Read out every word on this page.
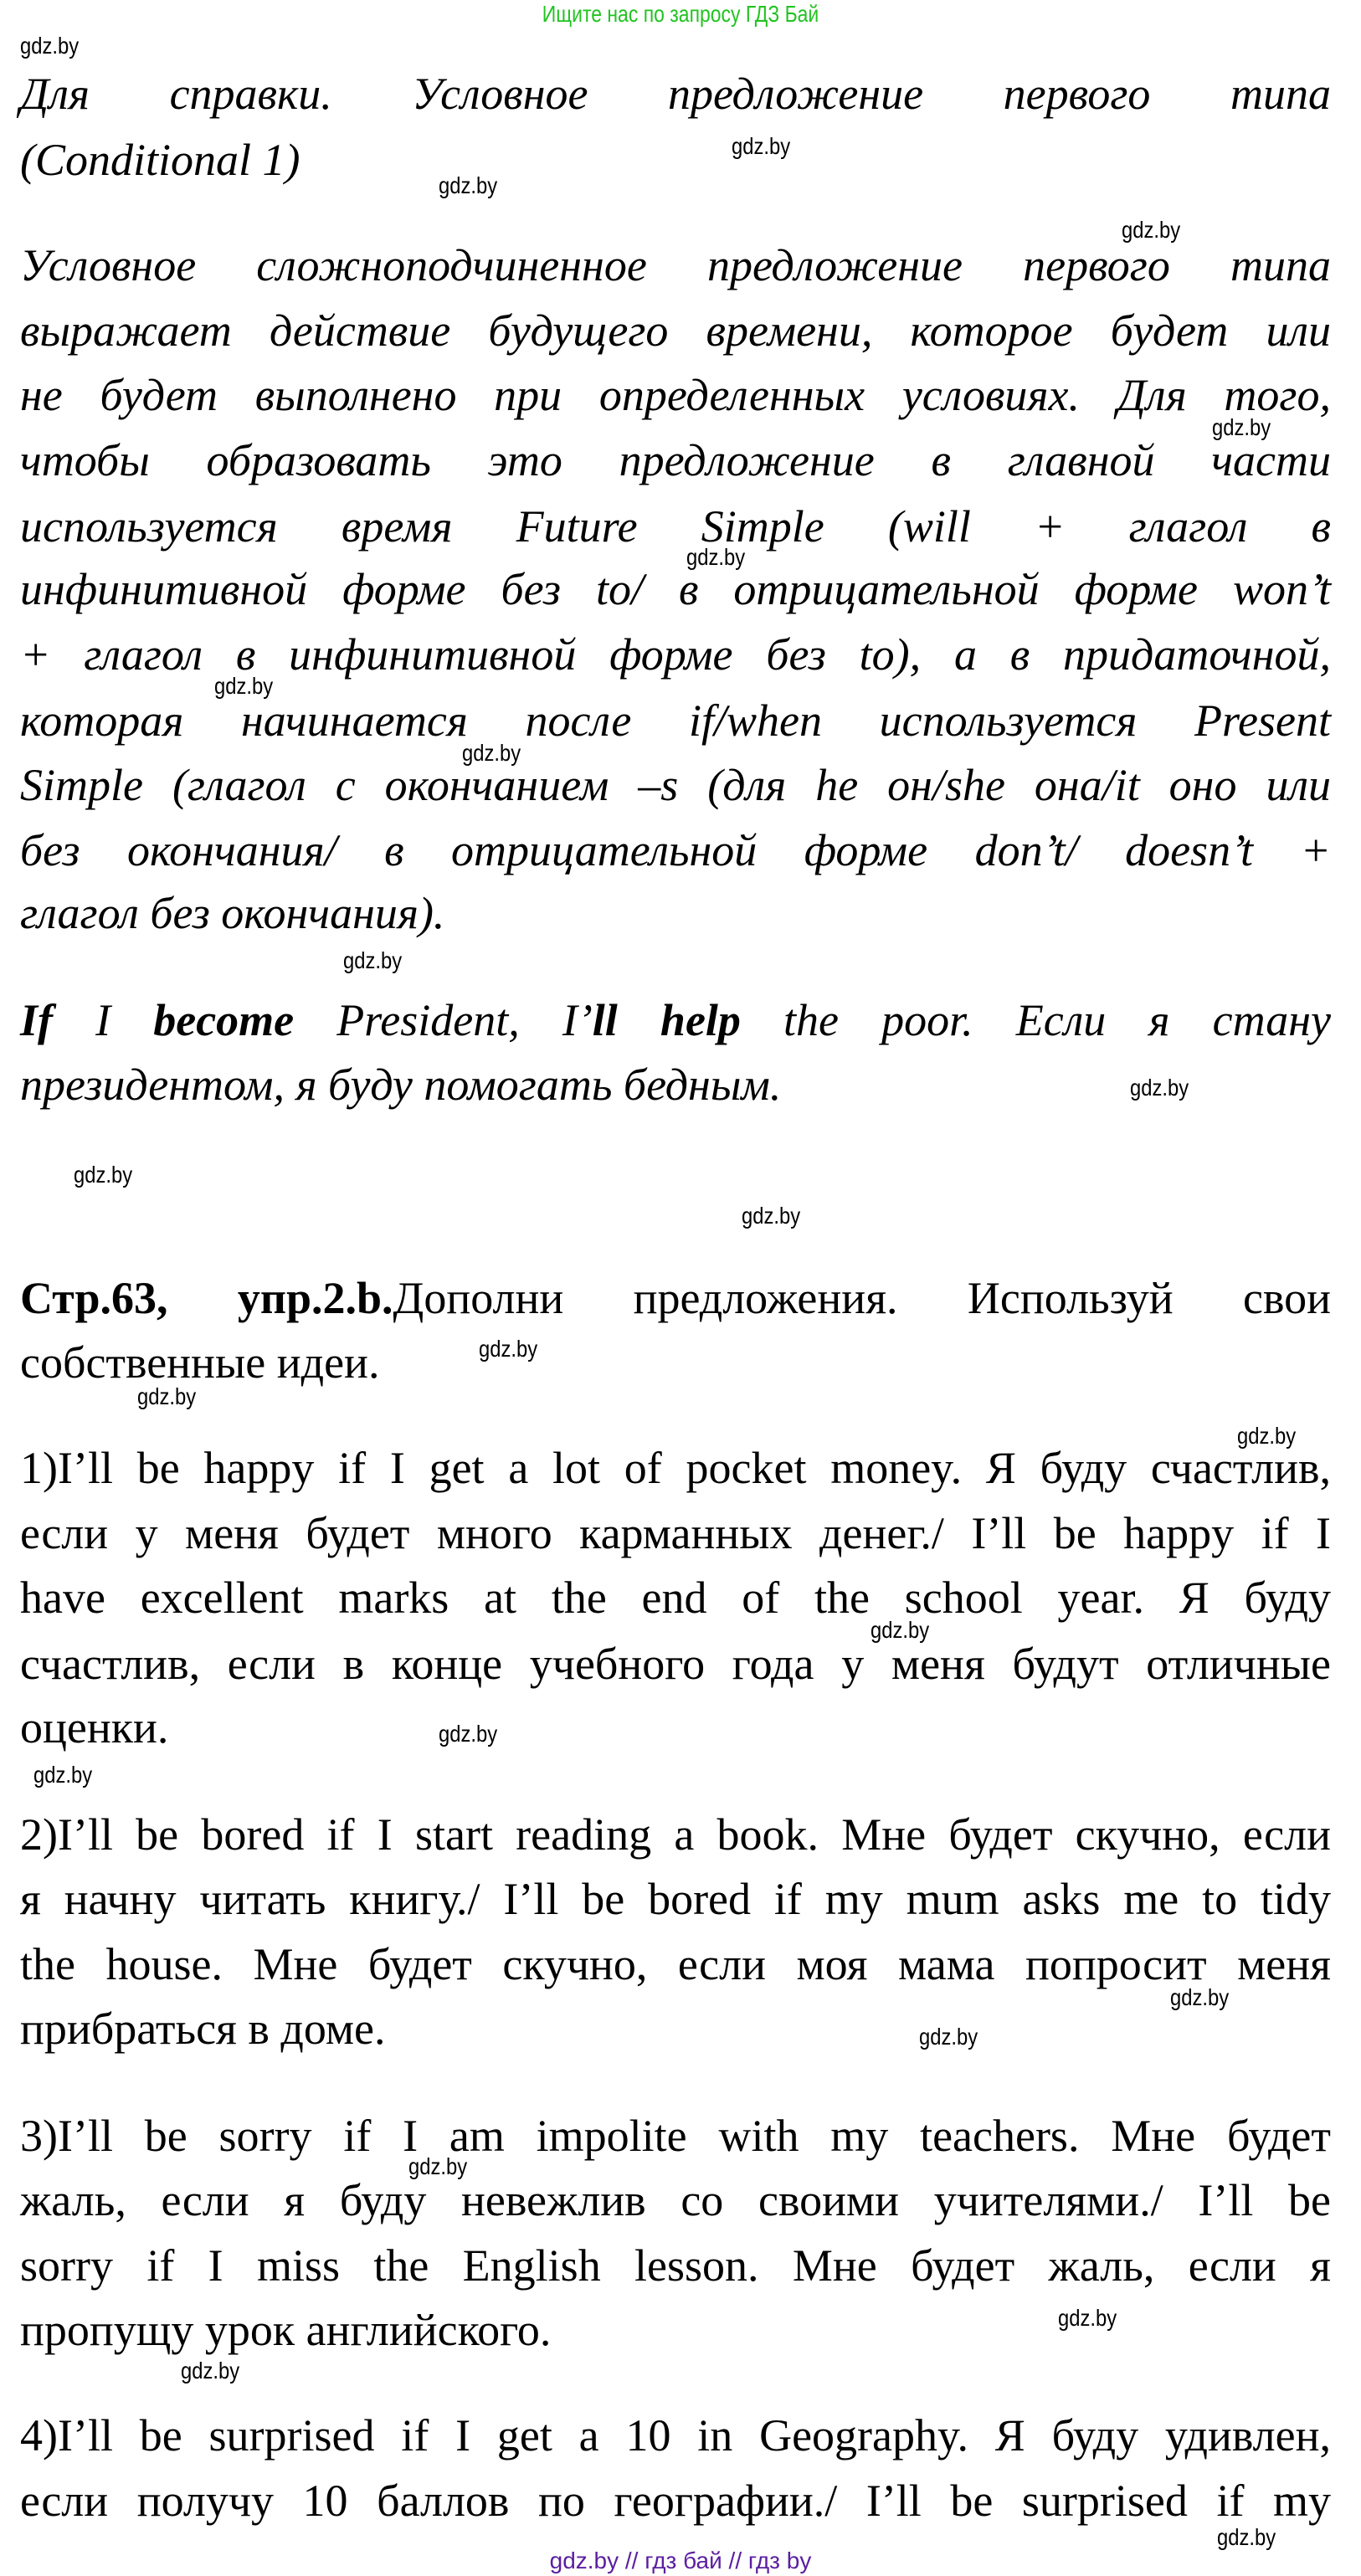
Ищите нас по запросу ГДЗ Бай
Для справки. Условное предложение первого типа
(Conditional 1)
Условное сложноподчиненное предложение первого типа
выражает действие будущего времени, которое будет или
не будет выполнено при определенных условиях. Для того,
чтобы образовать это предложение в главной части
используется время Future Simple (will + глагол в
инфинитивной форме без to/ в отрицательной форме won’t
+ глагол в инфинитивной форме без to), а в придаточной,
которая начинается после if/when используется Present
Simple (глагол с окончанием –s (для he он/she она/it оно или
без окончания/ в отрицательной форме don’t/ doesn’t +
глагол без окончания).
If I become President, I’ll help the poor. Если я стану
президентом, я буду помогать бедным.
Стр.63, упр.2.b.Дополни предложения. Используй свои
собственные идеи.
1)I’ll be happy if I get a lot of pocket money. Я буду счастлив,
если у меня будет много карманных денег./ I’ll be happy if I
have excellent marks at the end of the school year. Я буду
счастлив, если в конце учебного года у меня будут отличные
оценки.
2)I’ll be bored if I start reading a book. Мне будет скучно, если
я начну читать книгу./ I’ll be bored if my mum asks me to tidy
the house. Мне будет скучно, если моя мама попросит меня
прибраться в доме.
3)I’ll be sorry if I am impolite with my teachers. Мне будет
жаль, если я буду невежлив со своими учителями./ I’ll be
sorry if I miss the English lesson. Мне будет жаль, если я
пропущу урок английского.
4)I’ll be surprised if I get a 10 in Geography. Я буду удивлен,
если получу 10 баллов по географии./ I’ll be surprised if my
gdz.by
gdz.by
gdz.by
gdz.by
gdz.by
gdz.by
gdz.by
gdz.by
gdz.by
gdz.by
gdz.by
gdz.by
gdz.by
gdz.by
gdz.by
gdz.by
gdz.by
gdz.by
gdz.by
gdz.by
gdz.by
gdz.by
gdz.by
gdz.by
gdz.by // гдз бай // гдз by
